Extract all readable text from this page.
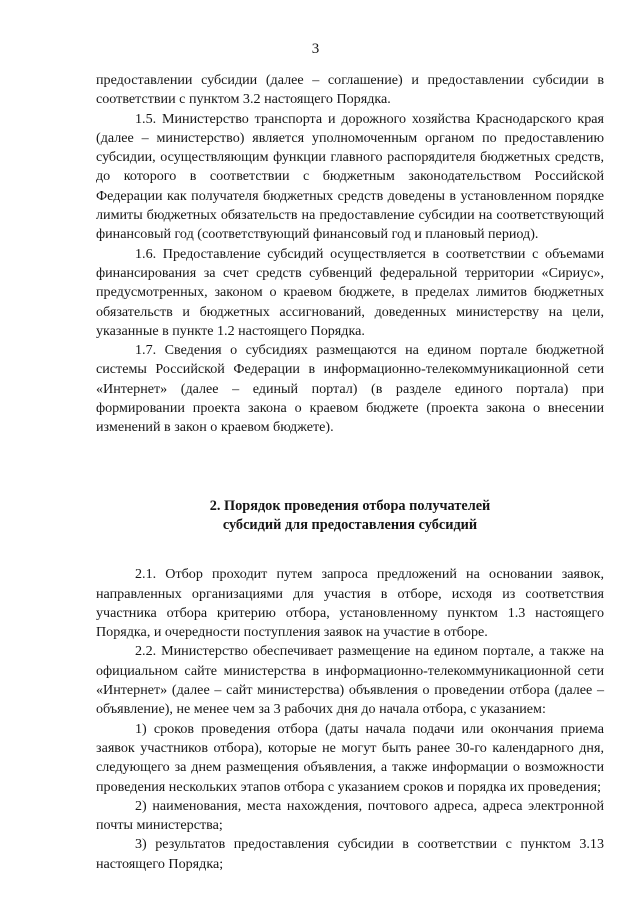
3

предоставлении субсидии (далее – соглашение) и предоставлении субсидии в соответствии с пунктом 3.2 настоящего Порядка.

1.5. Министерство транспорта и дорожного хозяйства Краснодарского края (далее – министерство) является уполномоченным органом по предоставлению субсидии, осуществляющим функции главного распорядителя бюджетных средств, до которого в соответствии с бюджетным законодательством Российской Федерации как получателя бюджетных средств доведены в установленном порядке лимиты бюджетных обязательств на предоставление субсидии на соответствующий финансовый год (соответствующий финансовый год и плановый период).

1.6. Предоставление субсидий осуществляется в соответствии с объемами финансирования за счет средств субвенций федеральной территории «Сириус», предусмотренных, законом о краевом бюджете, в пределах лимитов бюджетных обязательств и бюджетных ассигнований, доведенных министерству на цели, указанные в пункте 1.2 настоящего Порядка.

1.7. Сведения о субсидиях размещаются на едином портале бюджетной системы Российской Федерации в информационно-телекоммуникационной сети «Интернет» (далее – единый портал) (в разделе единого портала) при формировании проекта закона о краевом бюджете (проекта закона о внесении изменений в закон о краевом бюджете).

2. Порядок проведения отбора получателей
субсидий для предоставления субсидий

2.1. Отбор проходит путем запроса предложений на основании заявок, направленных организациями для участия в отборе, исходя из соответствия участника отбора критерию отбора, установленному пунктом 1.3 настоящего Порядка, и очередности поступления заявок на участие в отборе.

2.2. Министерство обеспечивает размещение на едином портале, а также на официальном сайте министерства в информационно-телекоммуникационной сети «Интернет» (далее – сайт министерства) объявления о проведении отбора (далее – объявление), не менее чем за 3 рабочих дня до начала отбора, с указанием:

1) сроков проведения отбора (даты начала подачи или окончания приема заявок участников отбора), которые не могут быть ранее 30-го календарного дня, следующего за днем размещения объявления, а также информации о возможности проведения нескольких этапов отбора с указанием сроков и порядка их проведения;

2) наименования, места нахождения, почтового адреса, адреса электронной почты министерства;

3) результатов предоставления субсидии в соответствии с пунктом 3.13 настоящего Порядка;
